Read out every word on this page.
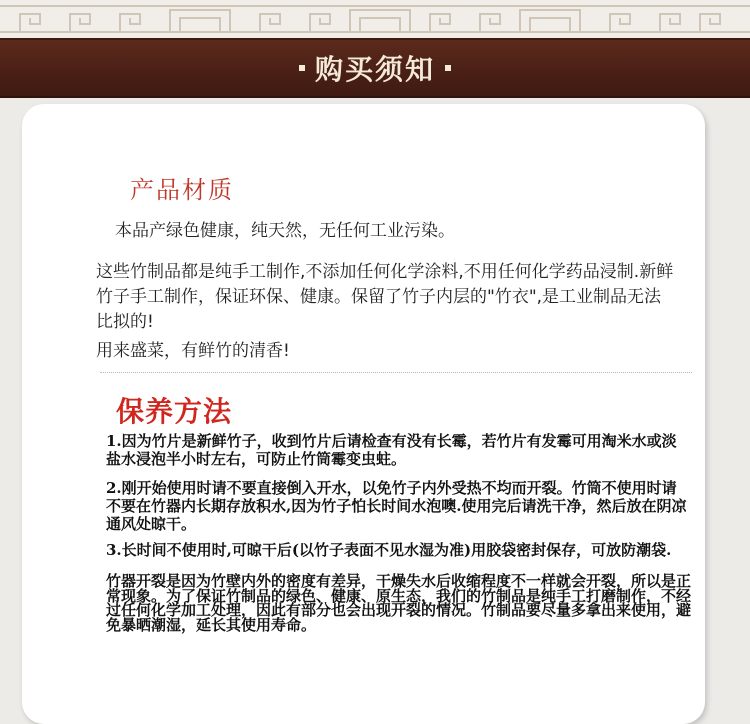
购买须知
产品材质
本品产绿色健康，纯天然，无任何工业污染。
这些竹制品都是纯手工制作,不添加任何化学涂料,不用任何化学药品浸制.新鲜竹子手工制作，保证环保、健康。保留了竹子内层的"竹衣",是工业制品无法比拟的!
用来盛菜，有鲜竹的清香!
保养方法
1.因为竹片是新鲜竹子，收到竹片后请检查有没有长霉，若竹片有发霉可用淘米水或淡盐水浸泡半小时左右，可防止竹筒霉变虫蛀。
2.刚开始使用时请不要直接倒入开水，以免竹子内外受热不均而开裂。竹筒不使用时请不要在竹器内长期存放积水,因为竹子怕长时间水泡噢.使用完后请洗干净，然后放在阴凉通风处晾干。
3.长时间不使用时,可晾干后(以竹子表面不见水湿为准)用胶袋密封保存，可放防潮袋.
竹器开裂是因为竹壁内外的密度有差异，干燥失水后收缩程度不一样就会开裂，所以是正常现象。为了保证竹制品的绿色、健康、原生态，我们的竹制品是纯手工打磨制作，不经过任何化学加工处理，因此有部分也会出现开裂的情况。竹制品要尽量多拿出来使用，避免暴晒潮湿，延长其使用寿命。
